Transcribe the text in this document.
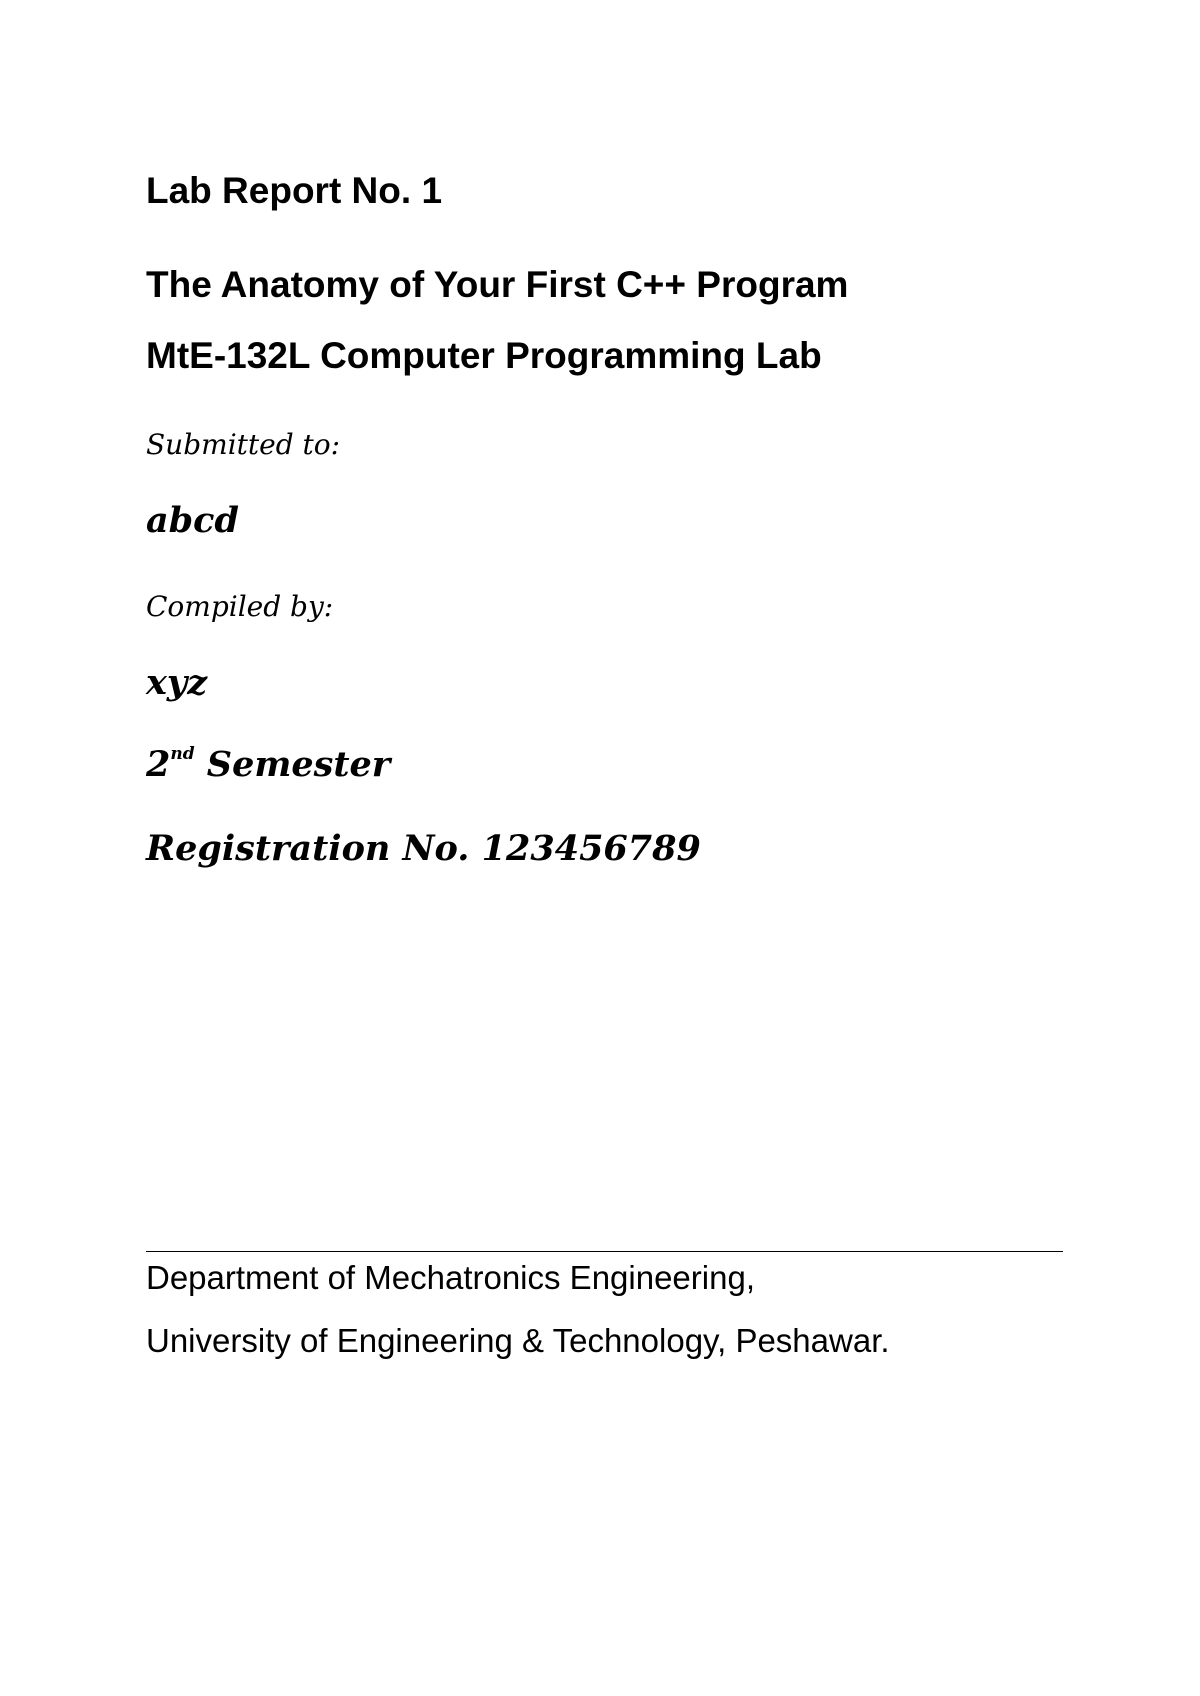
Lab Report No. 1

The Anatomy of Your First C++ Program

MtE-132L Computer Programming Lab

Submitted to:

abcd

Compiled by:

xyz

2nd Semester

Registration No. 123456789

Department of Mechatronics Engineering,

University of Engineering & Technology, Peshawar.
